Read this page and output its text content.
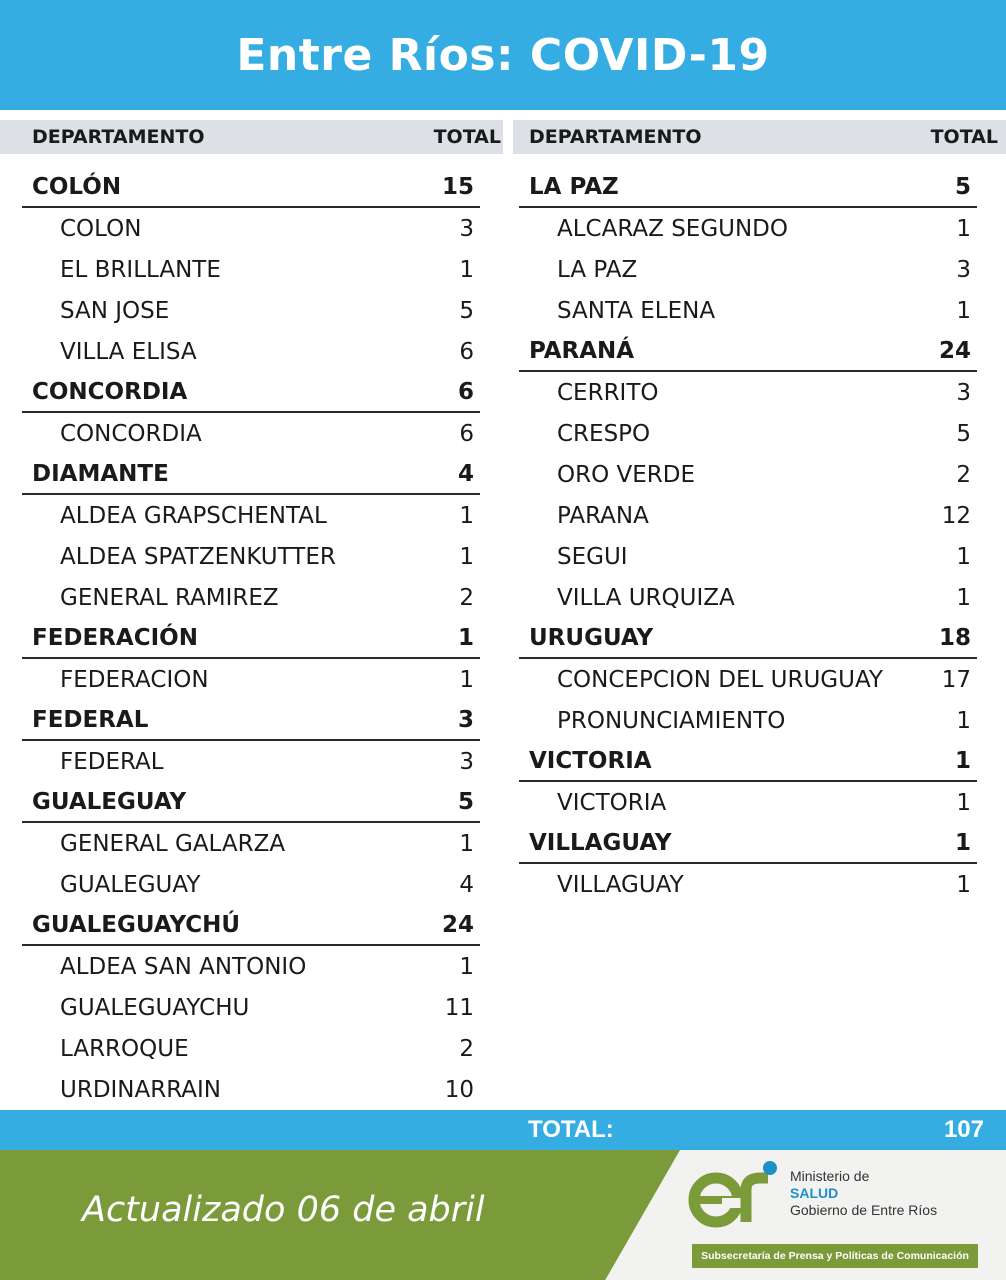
Entre Ríos: COVID-19
DEPARTAMENTO	TOTAL DEPARTAMENTO	TOTAL
COLÓN	15
COLON	3
EL BRILLANTE	1
SAN JOSE	5
VILLA ELISA	6
CONCORDIA	6
CONCORDIA	6
DIAMANTE	4
ALDEA GRAPSCHENTAL	1
ALDEA SPATZENKUTTER	1
GENERAL RAMIREZ	2
FEDERACIÓN	1
FEDERACION	1
FEDERAL	3
FEDERAL	3
GUALEGUAY	5
GENERAL GALARZA	1
GUALEGUAY	4
GUALEGUAYCHÚ	24
ALDEA SAN ANTONIO	1
GUALEGUAYCHU	11
LARROQUE	2
URDINARRAIN	10
LA PAZ	5
ALCARAZ SEGUNDO	1
LA PAZ	3
SANTA ELENA	1
PARANÁ	24
CERRITO	3
CRESPO	5
ORO VERDE	2
PARANA	12
SEGUI	1
VILLA URQUIZA	1
URUGUAY	18
CONCEPCION DEL URUGUAY	17
PRONUNCIAMIENTO	1
VICTORIA	1
VICTORIA	1
VILLAGUAY	1
VILLAGUAY	1
TOTAL:	107
Actualizado 06 de abril
Ministerio de
SALUD
Gobierno de Entre Ríos
Subsecretaría de Prensa y Políticas de Comunicación
